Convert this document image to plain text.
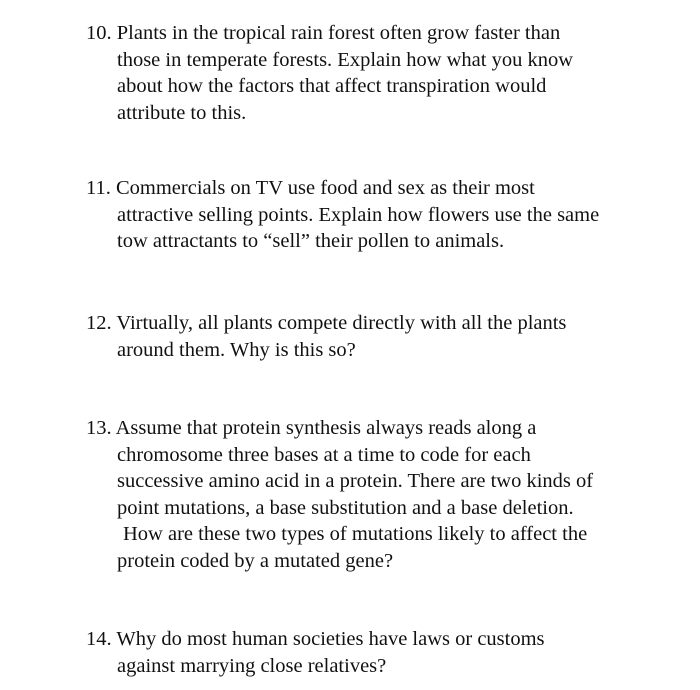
10. Plants in the tropical rain forest often grow faster than
those in temperate forests. Explain how what you know
about how the factors that affect transpiration would
attribute to this.
11. Commercials on TV use food and sex as their most
attractive selling points. Explain how flowers use the same
tow attractants to “sell” their pollen to animals.
12. Virtually, all plants compete directly with all the plants
around them. Why is this so?
13. Assume that protein synthesis always reads along a
chromosome three bases at a time to code for each
successive amino acid in a protein. There are two kinds of
point mutations, a base substitution and a base deletion.
How are these two types of mutations likely to affect the
protein coded by a mutated gene?
14. Why do most human societies have laws or customs
against marrying close relatives?
